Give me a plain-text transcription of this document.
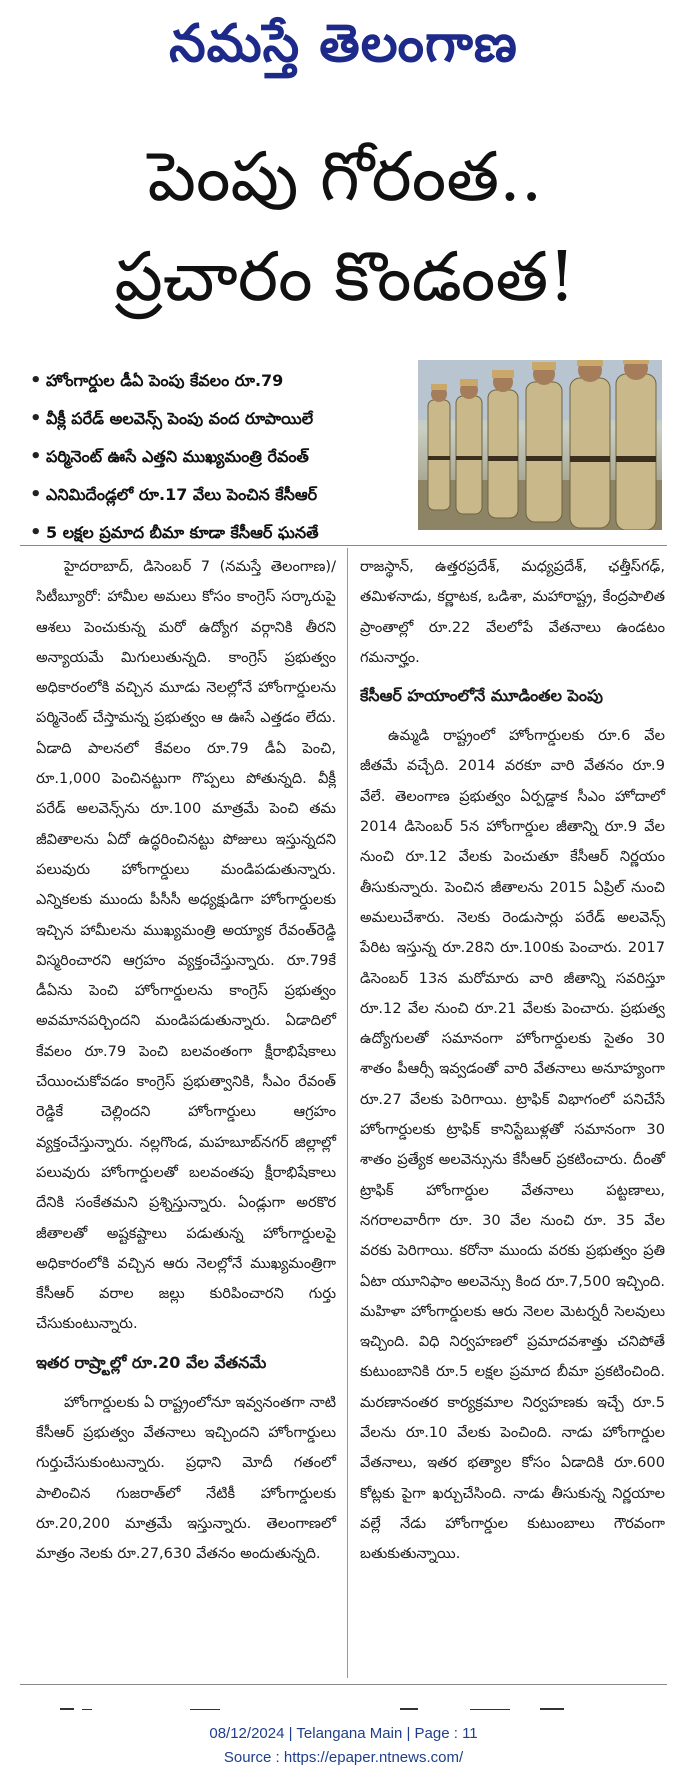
నమస్తే తెలంగాణ
పెంపు గోరంత..
ప్రచారం కొండంత!
• హోంగార్డుల డీఏ పెంపు కేవలం రూ.79
• వీక్లీ పరేడ్ అలవెన్స్ పెంపు వంద రూపాయిలే
• పర్మినెంట్ ఊసే ఎత్తని ముఖ్యమంత్రి రేవంత్
• ఎనిమిదేండ్లలో రూ.17 వేలు పెంచిన కేసీఆర్
• 5 లక్షల ప్రమాద బీమా కూడా కేసీఆర్ ఘనతే

హైదరాబాద్, డిసెంబర్ 7 (నమస్తే తెలంగాణ)/సిటీబ్యూరో: హామీల అమలు కోసం కాంగ్రెస్ సర్కారుపై ఆశలు పెంచుకున్న మరో ఉద్యోగ వర్గానికి తీరని అన్యాయమే మిగులుతున్నది. కాంగ్రెస్ ప్రభుత్వం అధికారంలోకి వచ్చిన మూడు నెలల్లోనే హోంగార్డులను పర్మినెంట్ చేస్తామన్న ప్రభుత్వం ఆ ఊసే ఎత్తడం లేదు. ఏడాది పాలనలో కేవలం రూ.79 డీఏ పెంచి, రూ.1,000 పెంచినట్టుగా గొప్పలు పోతున్నది. వీక్లీ పరేడ్ అలవెన్స్‌ను రూ.100 మాత్రమే పెంచి తమ జీవితాలను ఏదో ఉద్ధరించినట్టు పోజులు ఇస్తున్నదని పలువురు హోంగార్డులు మండిపడుతున్నారు. ఎన్నికలకు ముందు పీసీసీ అధ్యక్షుడిగా హోంగార్డులకు ఇచ్చిన హామీలను ముఖ్యమంత్రి అయ్యాక రేవంత్‌రెడ్డి విస్మరించారని ఆగ్రహం వ్యక్తంచేస్తున్నారు. రూ.79కే డీఏను పెంచి హోంగార్డులను కాంగ్రెస్ ప్రభుత్వం అవమానపర్చిందని మండిపడుతున్నారు. ఏడాదిలో కేవలం రూ.79 పెంచి బలవంతంగా క్షీరాభిషేకాలు చేయించుకోవడం కాంగ్రెస్ ప్రభుత్వానికి, సీఎం రేవంత్ రెడ్డికే చెల్లిందని హోంగార్డులు ఆగ్రహం వ్యక్తంచేస్తున్నారు. నల్లగొండ, మహబూబ్‌నగర్ జిల్లాల్లో పలువురు హోంగార్డులతో బలవంతపు క్షీరాభిషేకాలు దేనికి సంకేతమని ప్రశ్నిస్తున్నారు. ఏండ్లుగా అరకొర జీతాలతో అష్టకష్టాలు పడుతున్న హోంగార్డులపై అధికారంలోకి వచ్చిన ఆరు నెలల్లోనే ముఖ్యమంత్రిగా కేసీఆర్ వరాల జల్లు కురిపించారని గుర్తు చేసుకుంటున్నారు.

ఇతర రాష్ర్టాల్లో రూ.20 వేల వేతనమే

హోంగార్డులకు ఏ రాష్ట్రంలోనూ ఇవ్వనంతగా నాటి కేసీఆర్ ప్రభుత్వం వేతనాలు ఇచ్చిందని హోంగార్డులు గుర్తుచేసుకుంటున్నారు. ప్రధాని మోదీ గతంలో పాలించిన గుజరాత్‌లో నేటికీ హోంగార్డులకు రూ.20,200 మాత్రమే ఇస్తున్నారు. తెలంగాణలో మాత్రం నెలకు రూ.27,630 వేతనం అందుతున్నది.

రాజస్థాన్, ఉత్తరప్రదేశ్, మధ్యప్రదేశ్, ఛత్తీస్‌గఢ్, తమిళనాడు, కర్ణాటక, ఒడిశా, మహారాష్ట్ర, కేంద్రపాలిత ప్రాంతాల్లో రూ.22 వేలలోపే వేతనాలు ఉండటం గమనార్హం.

కేసీఆర్ హయాంలోనే మూడింతల పెంపు

ఉమ్మడి రాష్ట్రంలో హోంగార్డులకు రూ.6 వేల జీతమే వచ్చేది. 2014 వరకూ వారి వేతనం రూ.9 వేలే. తెలంగాణ ప్రభుత్వం ఏర్పడ్డాక సీఎం హోదాలో 2014 డిసెంబర్ 5న హోంగార్డుల జీతాన్ని రూ.9 వేల నుంచి రూ.12 వేలకు పెంచుతూ కేసీఆర్ నిర్ణయం తీసుకున్నారు. పెంచిన జీతాలను 2015 ఏప్రిల్ నుంచి అమలుచేశారు. నెలకు రెండుసార్లు పరేడ్ అలవెన్స్ పేరిట ఇస్తున్న రూ.28ని రూ.100కు పెంచారు. 2017 డిసెంబర్ 13న మరోమారు వారి జీతాన్ని సవరిస్తూ రూ.12 వేల నుంచి రూ.21 వేలకు పెంచారు. ప్రభుత్వ ఉద్యోగులతో సమానంగా హోంగార్డులకు సైతం 30 శాతం పీఆర్సీ ఇవ్వడంతో వారి వేతనాలు అనూహ్యంగా రూ.27 వేలకు పెరిగాయి. ట్రాఫిక్ విభాగంలో పనిచేసే హోంగార్డులకు ట్రాఫిక్ కానిస్టేబుళ్లతో సమానంగా 30 శాతం ప్రత్యేక అలవెన్సును కేసీఆర్ ప్రకటించారు. దీంతో ట్రాఫిక్ హోంగార్డుల వేతనాలు పట్టణాలు, నగరాలవారీగా రూ. 30 వేల నుంచి రూ. 35 వేల వరకు పెరిగాయి. కరోనా ముందు వరకు ప్రభుత్వం ప్రతి ఏటా యూనిఫాం అలవెన్సు కింద రూ.7,500 ఇచ్చింది. మహిళా హోంగార్డులకు ఆరు నెలల మెటర్నరీ సెలవులు ఇచ్చింది. విధి నిర్వహణలో ప్రమాదవశాత్తు చనిపోతే కుటుంబానికి రూ.5 లక్షల ప్రమాద బీమా ప్రకటించింది. మరణానంతర కార్యక్రమాల నిర్వహణకు ఇచ్చే రూ.5 వేలను రూ.10 వేలకు పెంచింది. నాడు హోంగార్డుల వేతనాలు, ఇతర భత్యాల కోసం ఏడాదికి రూ.600 కోట్లకు పైగా ఖర్చుచేసింది. నాడు తీసుకున్న నిర్ణయాల వల్లే నేడు హోంగార్డుల కుటుంబాలు గౌరవంగా బతుకుతున్నాయి.

08/12/2024 | Telangana Main | Page : 11
Source : https://epaper.ntnews.com/
